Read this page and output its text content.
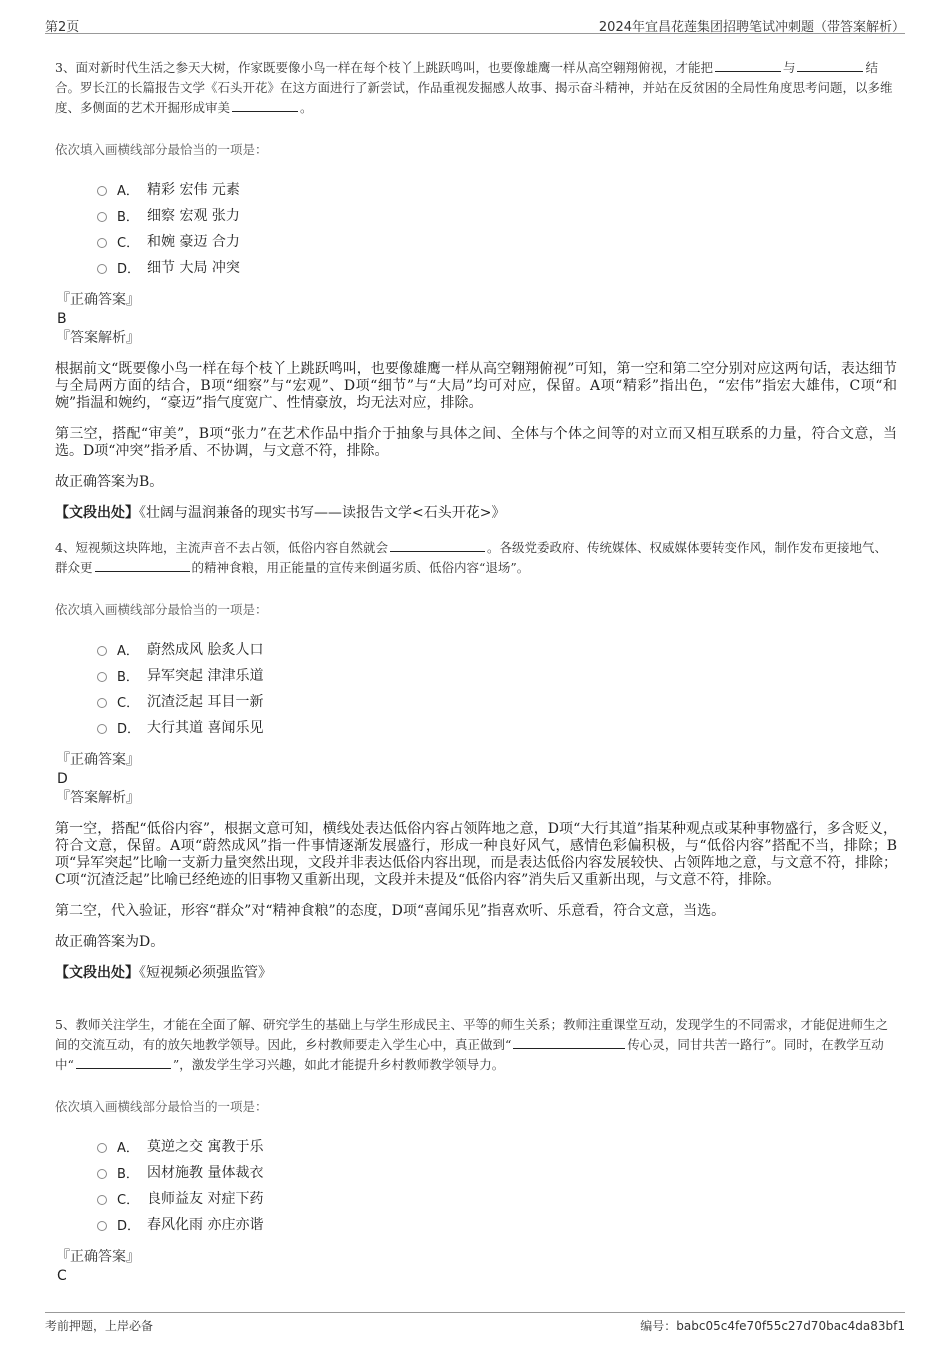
第2页	2024年宜昌花莲集团招聘笔试冲刺题（带答案解析）
3、面对新时代生活之参天大树，作家既要像小鸟一样在每个枝丫上跳跃鸣叫，也要像雄鹰一样从高空翱翔俯视，才能把	与	结合。罗长江的长篇报告文学《石头开花》在这方面进行了新尝试，作品重视发掘感人故事、揭示奋斗精神，并站在反贫困的全局性角度思考问题，以多维度、多侧面的艺术开掘形成审美	。
依次填入画横线部分最恰当的一项是：
A． 精彩 宏伟 元素
B． 细察 宏观 张力
C． 和婉 豪迈 合力
D． 细节 大局 冲突
『正确答案』
B
『答案解析』
根据前文“既要像小鸟一样在每个枝丫上跳跃鸣叫，也要像雄鹰一样从高空翱翔俯视”可知，第一空和第二空分别对应这两句话，表达细节与全局两方面的结合，B项“细察”与“宏观”、D项“细节”与“大局”均可对应，保留。A项“精彩”指出色，“宏伟”指宏大雄伟，C项“和婉”指温和婉约，“豪迈”指气度宽广、性情豪放，均无法对应，排除。
第三空，搭配“审美”，B项“张力”在艺术作品中指介于抽象与具体之间、全体与个体之间等的对立而又相互联系的力量，符合文意，当选。D项“冲突”指矛盾、不协调，与文意不符，排除。
故正确答案为B。
【文段出处】《壮阔与温润兼备的现实书写——读报告文学<石头开花>》
4、短视频这块阵地，主流声音不去占领，低俗内容自然就会	。各级党委政府、传统媒体、权威媒体要转变作风，制作发布更接地气、群众更	的精神食粮，用正能量的宣传来倒逼劣质、低俗内容“退场”。
依次填入画横线部分最恰当的一项是：
A． 蔚然成风 脍炙人口
B． 异军突起 津津乐道
C． 沉渣泛起 耳目一新
D． 大行其道 喜闻乐见
『正确答案』
D
『答案解析』
第一空，搭配“低俗内容”，根据文意可知，横线处表达低俗内容占领阵地之意，D项“大行其道”指某种观点或某种事物盛行，多含贬义，符合文意，保留。A项“蔚然成风”指一件事情逐渐发展盛行，形成一种良好风气，感情色彩偏积极，与“低俗内容”搭配不当，排除；B项“异军突起”比喻一支新力量突然出现，文段并非表达低俗内容出现，而是表达低俗内容发展较快、占领阵地之意，与文意不符，排除；C项“沉渣泛起”比喻已经绝迹的旧事物又重新出现，文段并未提及“低俗内容”消失后又重新出现，与文意不符，排除。
第二空，代入验证，形容“群众”对“精神食粮”的态度，D项“喜闻乐见”指喜欢听、乐意看，符合文意，当选。
故正确答案为D。
【文段出处】《短视频必须强监管》
5、教师关注学生，才能在全面了解、研究学生的基础上与学生形成民主、平等的师生关系；教师注重课堂互动，发现学生的不同需求，才能促进师生之间的交流互动，有的放矢地教学领导。因此，乡村教师要走入学生心中，真正做到“	传心灵，同甘共苦一路行”。同时，在教学互动中“	”，激发学生学习兴趣，如此才能提升乡村教师教学领导力。
依次填入画横线部分最恰当的一项是：
A． 莫逆之交 寓教于乐
B． 因材施教 量体裁衣
C． 良师益友 对症下药
D． 春风化雨 亦庄亦谐
『正确答案』
C
考前押题，上岸必备	编号：babc05c4fe70f55c27d70bac4da83bf1
